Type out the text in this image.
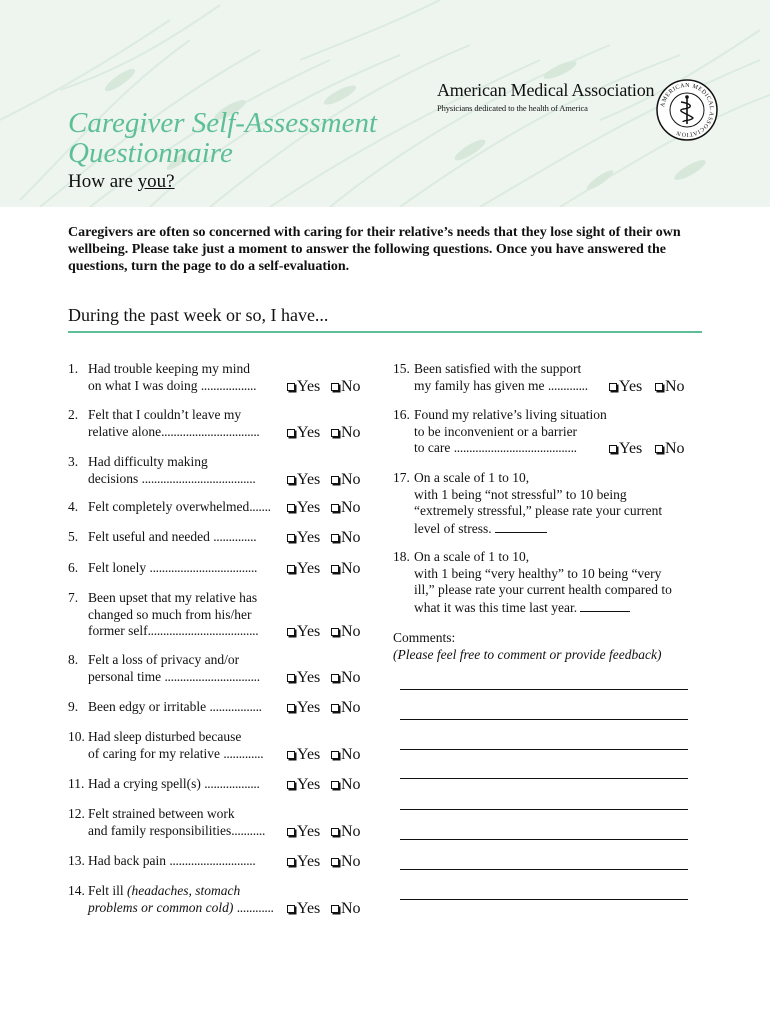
Caregiver Self-Assessment
Questionnaire
How are you?
American Medical Association
Physicians dedicated to the health of America	AMERICAN MEDICAL ASSOCIATION

Caregivers are often so concerned with caring for their relative’s needs that they lose sight of their own wellbeing. Please take just a moment to answer the following questions. Once you have answered the questions, turn the page to do a self-evaluation.

During the past week or so, I have...
Comments:
(Please feel free to comment or provide feedback)
1. Had trouble keeping my mind
on what I was doing ..................	Yes	No
2. Felt that I couldn’t leave my
relative alone................................	Yes	No
3. Had difficulty making
decisions .....................................	Yes	No
4. Felt completely overwhelmed.......	Yes	No
5. Felt useful and needed ..............	Yes	No
6. Felt lonely ...................................	Yes	No
7. Been upset that my relative has
changed so much from his/her
former self....................................	Yes	No
8. Felt a loss of privacy and/or
personal time ...............................	Yes	No
9. Been edgy or irritable .................	Yes	No
10. Had sleep disturbed because
of caring for my relative .............	Yes	No
11. Had a crying spell(s) ..................	Yes	No
12. Felt strained between work
and family responsibilities...........	Yes	No
13. Had back pain ............................	Yes	No
14. Felt ill (headaches, stomach
problems or common cold) ............	Yes	No
15. Been satisfied with the support
my family has given me .............	Yes	No
16. Found my relative’s living situation
to be inconvenient or a barrier
to care ........................................	Yes	No
17. On a scale of 1 to 10,
with 1 being “not stressful” to 10 being
“extremely stressful,” please rate your current
level of stress.
18. On a scale of 1 to 10,
with 1 being “very healthy” to 10 being “very
ill,” please rate your current health compared to
what it was this time last year.
